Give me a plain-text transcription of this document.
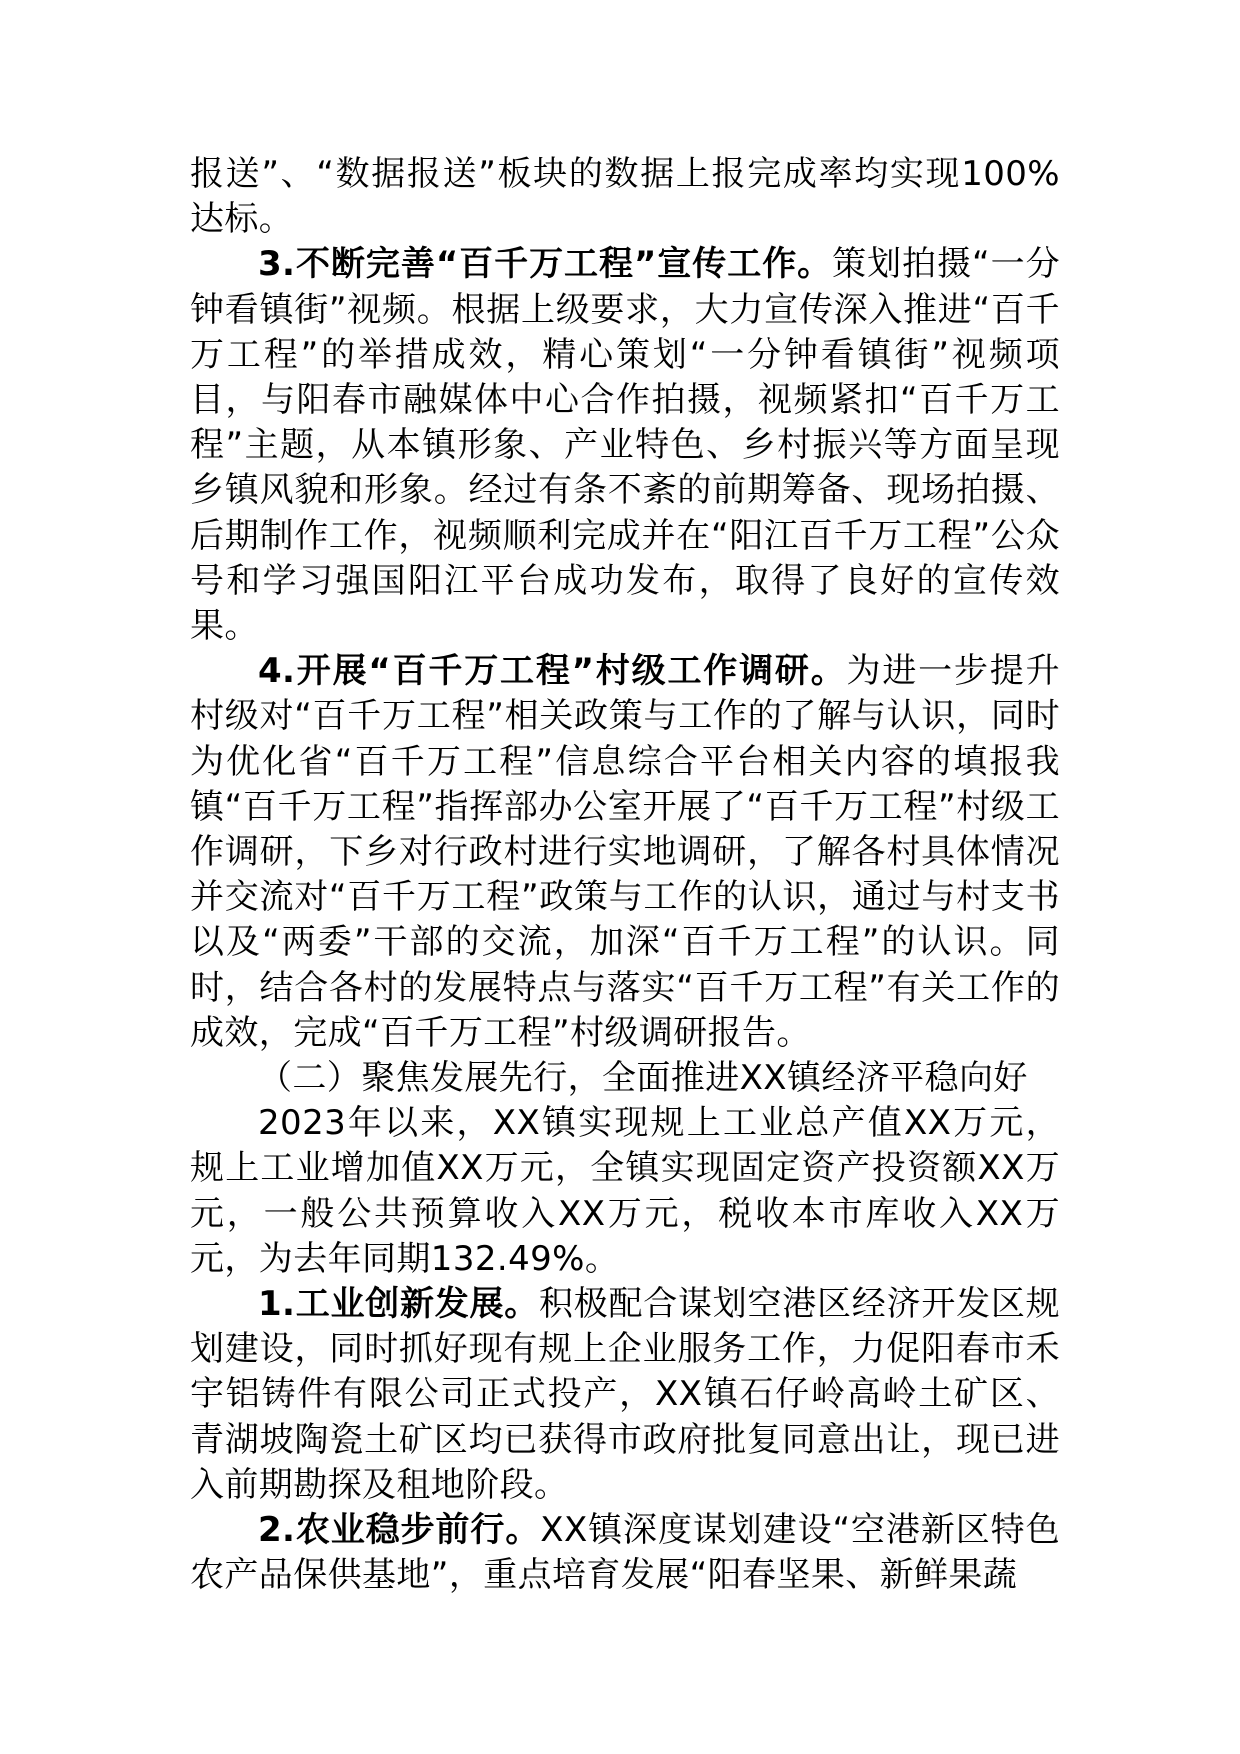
报送”、“数据报送”板块的数据上报完成率均实现100%达标。

3.不断完善“百千万工程”宣传工作。策划拍摄“一分钟看镇街”视频。根据上级要求，大力宣传深入推进“百千万工程”的举措成效，精心策划“一分钟看镇街”视频项目，与阳春市融媒体中心合作拍摄，视频紧扣“百千万工程”主题，从本镇形象、产业特色、乡村振兴等方面呈现乡镇风貌和形象。经过有条不紊的前期筹备、现场拍摄、后期制作工作，视频顺利完成并在“阳江百千万工程”公众号和学习强国阳江平台成功发布，取得了良好的宣传效果。

4.开展“百千万工程”村级工作调研。为进一步提升村级对“百千万工程”相关政策与工作的了解与认识，同时为优化省“百千万工程”信息综合平台相关内容的填报我镇“百千万工程”指挥部办公室开展了“百千万工程”村级工作调研，下乡对行政村进行实地调研，了解各村具体情况并交流对“百千万工程”政策与工作的认识，通过与村支书以及“两委”干部的交流，加深“百千万工程”的认识。同时，结合各村的发展特点与落实“百千万工程”有关工作的成效，完成“百千万工程”村级调研报告。

（二）聚焦发展先行，全面推进XX镇经济平稳向好

2023年以来，XX镇实现规上工业总产值XX万元，规上工业增加值XX万元，全镇实现固定资产投资额XX万元，一般公共预算收入XX万元，税收本市库收入XX万元，为去年同期132.49%。

1.工业创新发展。积极配合谋划空港区经济开发区规划建设，同时抓好现有规上企业服务工作，力促阳春市禾宇铝铸件有限公司正式投产，XX镇石仔岭高岭土矿区、青湖坡陶瓷土矿区均已获得市政府批复同意出让，现已进入前期勘探及租地阶段。

2.农业稳步前行。XX镇深度谋划建设“空港新区特色农产品保供基地”，重点培育发展“阳春坚果、新鲜果蔬
